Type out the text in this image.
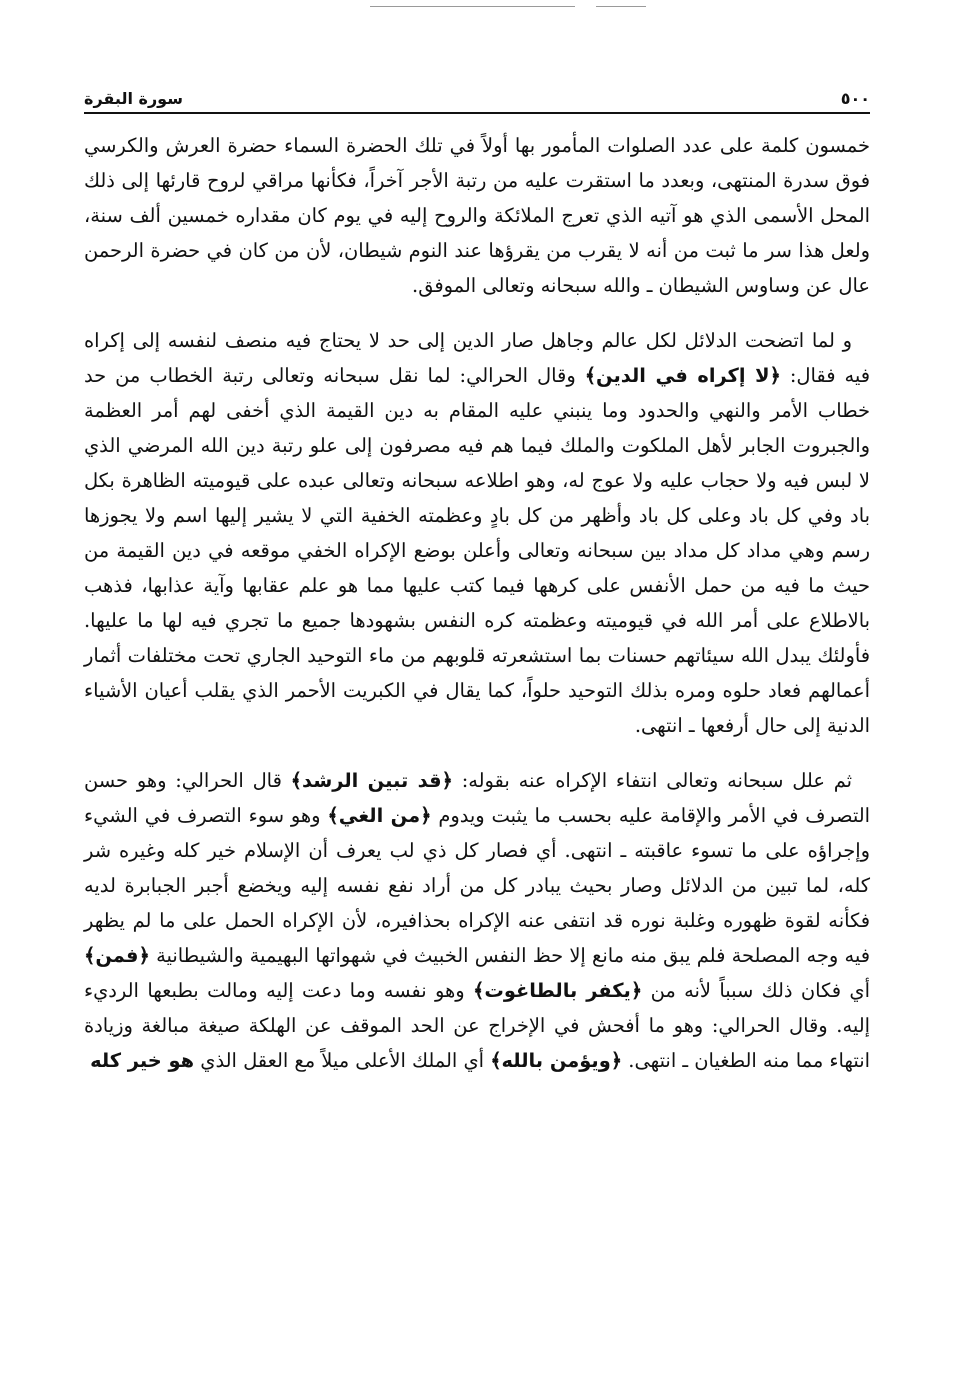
٥٠٠
سورة البقرة

خمسون كلمة على عدد الصلوات المأمور بها أولاً في تلك الحضرة السماء حضرة العرش والكرسي فوق سدرة المنتهى، وبعدد ما استقرت عليه من رتبة الأجر آخراً، فكأنها مراقي لروح قارئها إلى ذلك المحل الأسمى الذي هو آتيه الذي تعرج الملائكة والروح إليه في يوم كان مقداره خمسين ألف سنة، ولعل هذا سر ما ثبت من أنه لا يقرب من يقرؤها عند النوم شيطان، لأن من كان في حضرة الرحمن عال عن وساوس الشيطان ـ والله سبحانه وتعالى الموفق.

و لما اتضحت الدلائل لكل عالم وجاهل صار الدين إلى حد لا يحتاج فيه منصف لنفسه إلى إكراه فيه فقال: ﴿لا إكراه في الدين﴾ وقال الحرالي: لما نقل سبحانه وتعالى رتبة الخطاب من حد خطاب الأمر والنهي والحدود وما ينبني عليه المقام به دين القيمة الذي أخفى لهم أمر العظمة والجبروت الجابر لأهل الملكوت والملك فيما هم فيه مصرفون إلى علو رتبة دين الله المرضي الذي لا لبس فيه ولا حجاب عليه ولا عوج له، وهو اطلاعه سبحانه وتعالى عبده على قيوميته الظاهرة بكل باد وفي كل باد وعلى كل باد وأظهر من كل بادٍ وعظمته الخفية التي لا يشير إليها اسم ولا يجوزها رسم وهي مداد كل مداد بين سبحانه وتعالى وأعلن بوضع الإكراه الخفي موقعه في دين القيمة من حيث ما فيه من حمل الأنفس على كرهها فيما كتب عليها مما هو علم عقابها وآية عذابها، فذهب بالاطلاع على أمر الله في قيوميته وعظمته كره النفس بشهودها جميع ما تجري فيه لها ما عليها. فأولئك يبدل الله سيئاتهم حسنات بما استشعرته قلوبهم من ماء التوحيد الجاري تحت مختلفات أثمار أعمالهم فعاد حلوه ومره بذلك التوحيد حلواً، كما يقال في الكبريت الأحمر الذي يقلب أعيان الأشياء الدنية إلى حال أرفعها ـ انتهى.

ثم علل سبحانه وتعالى انتفاء الإكراه عنه بقوله: ﴿قد تبين الرشد﴾ قال الحرالي: وهو حسن التصرف في الأمر والإقامة عليه بحسب ما يثبت ويدوم ﴿من الغي﴾ وهو سوء التصرف في الشيء وإجراؤه على ما تسوء عاقبته ـ انتهى. أي فصار كل ذي لب يعرف أن الإسلام خير كله وغيره شر كله، لما تبين من الدلائل وصار بحيث يبادر كل من أراد نفع نفسه إليه ويخضع أجبر الجبابرة لديه فكأنه لقوة ظهوره وغلبة نوره قد انتفى عنه الإكراه بحذافيره، لأن الإكراه الحمل على ما لم يظهر فيه وجه المصلحة فلم يبق منه مانع إلا حظ النفس الخبيث في شهواتها البهيمية والشيطانية ﴿فمن﴾ أي فكان ذلك سبباً لأنه من ﴿يكفر بالطاغوت﴾ وهو نفسه وما دعت إليه ومالت بطبعها الرديء إليه. وقال الحرالي: وهو ما أفحش في الإخراج عن الحد الموقف عن الهلكة صيغة مبالغة وزيادة انتهاء مما منه الطغيان ـ انتهى. ﴿ويؤمن بالله﴾ أي الملك الأعلى ميلاً مع العقل الذي هو خير كله
